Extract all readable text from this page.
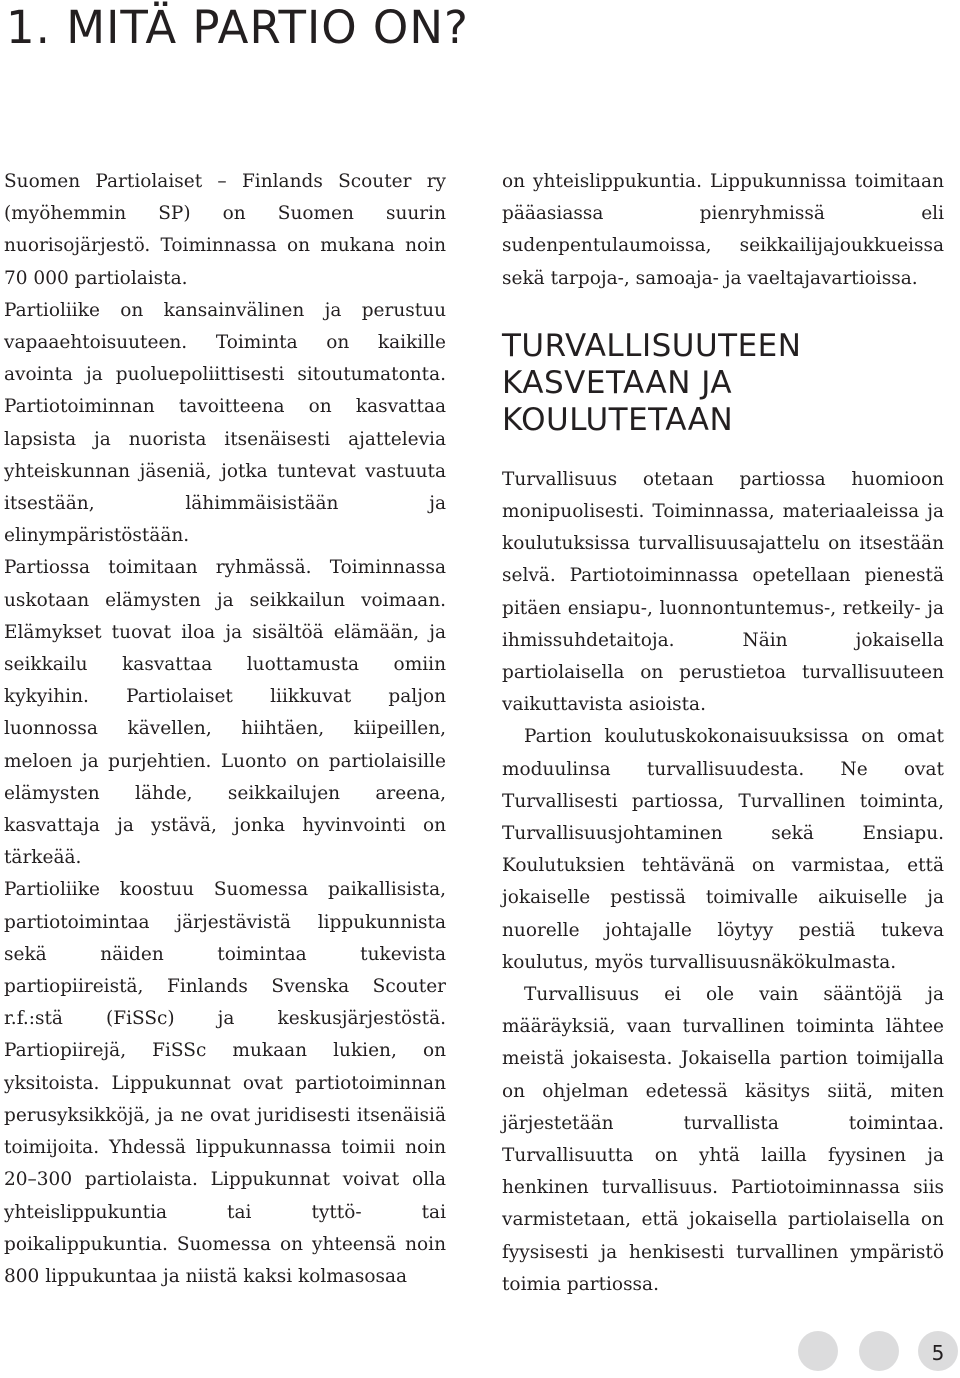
1. MITÄ PARTIO ON?

Suomen Partiolaiset – Finlands Scouter ry (myöhemmin SP) on Suomen suurin nuorisojärjestö. Toiminnassa on mukana noin 70 000 partiolaista.

Partioliike on kansainvälinen ja perustuu vapaaehtoisuuteen. Toiminta on kaikille avointa ja puoluepoliittisesti sitoutumatonta. Partiotoiminnan tavoitteena on kasvattaa lapsista ja nuorista itsenäisesti ajattelevia yhteiskunnan jäseniä, jotka tuntevat vastuuta itsestään, lähimmäisistään ja elinympäristöstään.

Partiossa toimitaan ryhmässä. Toiminnassa uskotaan elämysten ja seikkailun voimaan. Elämykset tuovat iloa ja sisältöä elämään, ja seikkailu kasvattaa luottamusta omiin kykyihin. Partiolaiset liikkuvat paljon luonnossa kävellen, hiihtäen, kiipeillen, meloen ja purjehtien. Luonto on partiolaisille elämysten lähde, seikkailujen areena, kasvattaja ja ystävä, jonka hyvinvointi on tärkeää.

Partioliike koostuu Suomessa paikallisista, partiotoimintaa järjestävistä lippukunnista sekä näiden toimintaa tukevista partiopiireistä, Finlands Svenska Scouter r.f.:stä (FiSSc) ja keskusjärjestöstä. Partiopiirejä, FiSSc mukaan lukien, on yksitoista. Lippukunnat ovat partiotoiminnan perusyksikköjä, ja ne ovat juridisesti itsenäisiä toimijoita. Yhdessä lippukunnassa toimii noin 20–300 partiolaista. Lippukunnat voivat olla yhteislippukuntia tai tyttö- tai poikalippukuntia. Suomessa on yhteensä noin 800 lippukuntaa ja niistä kaksi kolmasosaa

on yhteislippukuntia. Lippukunnissa toimitaan pääasiassa pienryhmissä eli sudenpentulaumoissa, seikkailijajoukkueissa sekä tarpoja-, samoaja- ja vaeltajavartioissa.

TURVALLISUUTEEN
KASVETAAN JA
KOULUTETAAN

Turvallisuus otetaan partiossa huomioon monipuolisesti. Toiminnassa, materiaaleissa ja koulutuksissa turvallisuusajattelu on itsestään selvä. Partiotoiminnassa opetellaan pienestä pitäen ensiapu-, luonnontuntemus-, retkeily- ja ihmissuhdetaitoja. Näin jokaisella partiolaisella on perustietoa turvallisuuteen vaikuttavista asioista.

Partion koulutuskokonaisuuksissa on omat moduulinsa turvallisuudesta. Ne ovat Turvallisesti partiossa, Turvallinen toiminta, Turvallisuusjohtaminen sekä Ensiapu. Koulutuksien tehtävänä on varmistaa, että jokaiselle pestissä toimivalle aikuiselle ja nuorelle johtajalle löytyy pestiä tukeva koulutus, myös turvallisuusnäkökulmasta.

Turvallisuus ei ole vain sääntöjä ja määräyksiä, vaan turvallinen toiminta lähtee meistä jokaisesta. Jokaisella partion toimijalla on ohjelman edetessä käsitys siitä, miten järjestetään turvallista toimintaa. Turvallisuutta on yhtä lailla fyysinen ja henkinen turvallisuus. Partiotoiminnassa siis varmistetaan, että jokaisella partiolaisella on fyysisesti ja henkisesti turvallinen ympäristö toimia partiossa.

5
